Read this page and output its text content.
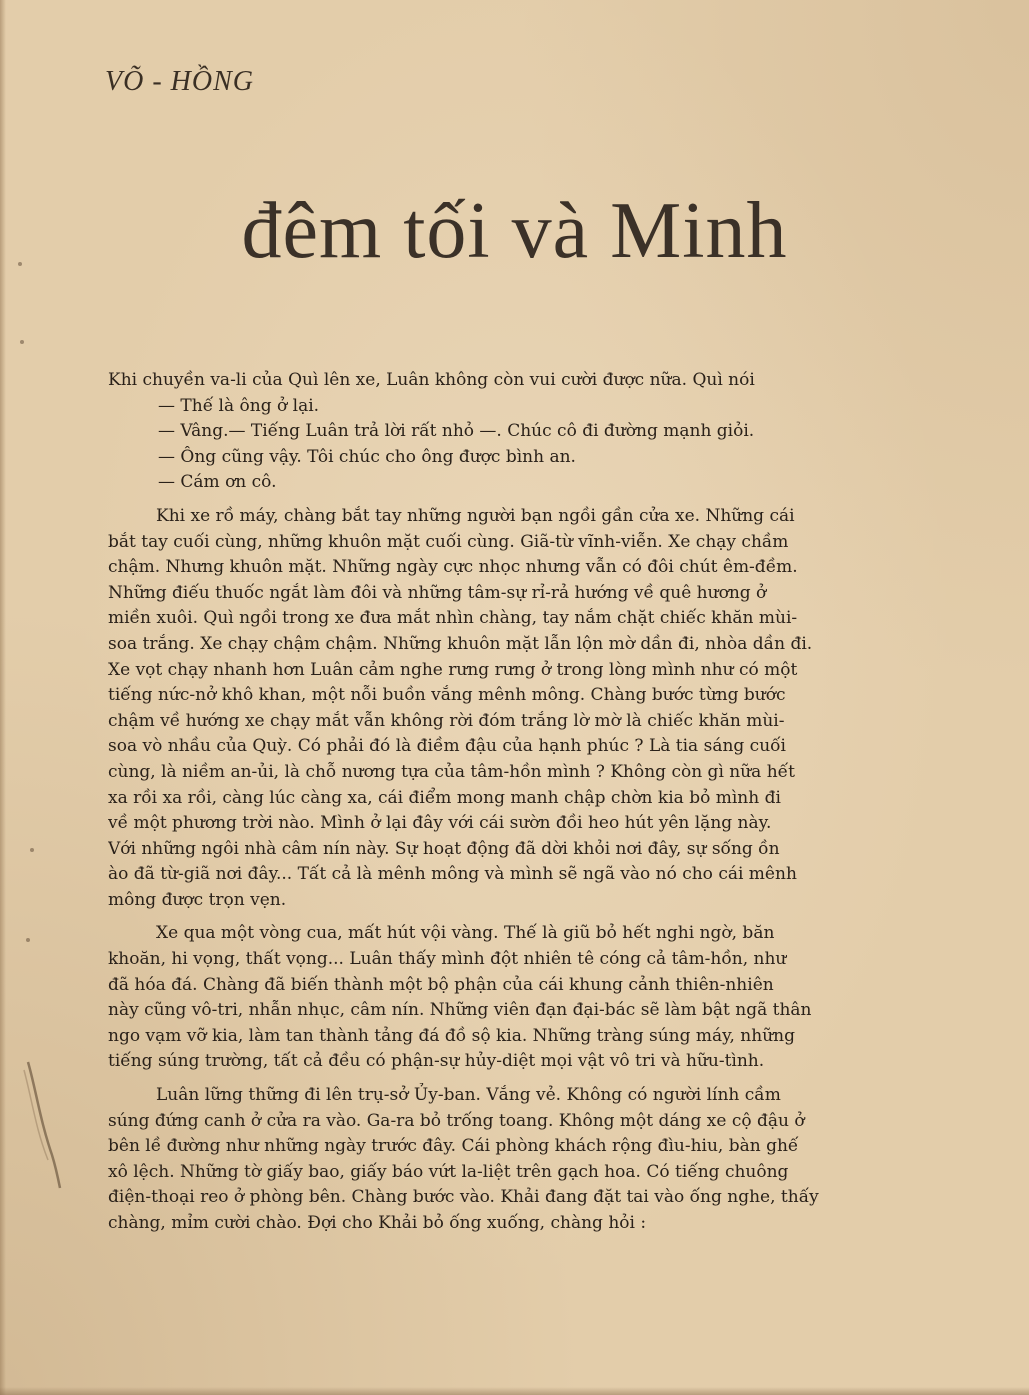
VÕ - HỒNG
đêm tối và Minh
Khi chuyền va-li của Quì lên xe, Luân không còn vui cười được nữa. Quì nói
— Thế là ông ở lại.
— Vâng.— Tiếng Luân trả lời rất nhỏ —. Chúc cô đi đường mạnh giỏi.
— Ông cũng vậy. Tôi chúc cho ông được bình an.
— Cám ơn cô.
Khi xe rồ máy, chàng bắt tay những người bạn ngồi gần cửa xe. Những cái
bắt tay cuối cùng, những khuôn mặt cuối cùng. Giã-từ vĩnh-viễn. Xe chạy chầm
chậm. Nhưng khuôn mặt. Những ngày cực nhọc nhưng vẫn có đôi chút êm-đềm.
Những điếu thuốc ngắt làm đôi và những tâm-sự rỉ-rả hướng về quê hương ở
miền xuôi. Quì ngồi trong xe đưa mắt nhìn chàng, tay nắm chặt chiếc khăn mùi-
soa trắng. Xe chạy chậm chậm. Những khuôn mặt lẫn lộn mờ dần đi, nhòa dần đi.
Xe vọt chạy nhanh hơn Luân cảm nghe rưng rưng ở trong lòng mình như có một
tiếng nức-nở khô khan, một nỗi buồn vắng mênh mông. Chàng bước từng bước
chậm về hướng xe chạy mắt vẫn không rời đóm trắng lờ mờ là chiếc khăn mùi-
soa vò nhầu của Quỳ. Có phải đó là điềm đậu của hạnh phúc ? Là tia sáng cuối
cùng, là niềm an-ủi, là chỗ nương tựa của tâm-hồn mình ? Không còn gì nữa hết
xa rồi xa rồi, càng lúc càng xa, cái điểm mong manh chập chờn kia bỏ mình đi
về một phương trời nào. Mình ở lại đây với cái sườn đồi heo hút yên lặng này.
Với những ngôi nhà câm nín này. Sự hoạt động đã dời khỏi nơi đây, sự sống ồn
ào đã từ-giã nơi đây... Tất cả là mênh mông và mình sẽ ngã vào nó cho cái mênh
mông được trọn vẹn.
Xe qua một vòng cua, mất hút vội vàng. Thế là giũ bỏ hết nghi ngờ, băn
khoăn, hi vọng, thất vọng... Luân thấy mình đột nhiên tê cóng cả tâm-hồn, như
đã hóa đá. Chàng đã biến thành một bộ phận của cái khung cảnh thiên-nhiên
này cũng vô-tri, nhẫn nhục, câm nín. Những viên đạn đại-bác sẽ làm bật ngã thân
ngo vạm vỡ kia, làm tan thành tảng đá đồ sộ kia. Những tràng súng máy, những
tiếng súng trường, tất cả đều có phận-sự hủy-diệt mọi vật vô tri và hữu-tình.
Luân lững thững đi lên trụ-sở Ủy-ban. Vắng vẻ. Không có người lính cầm
súng đứng canh ở cửa ra vào. Ga-ra bỏ trống toang. Không một dáng xe cộ đậu ở
bên lề đường như những ngày trước đây. Cái phòng khách rộng đìu-hiu, bàn ghế
xô lệch. Những tờ giấy bao, giấy báo vứt la-liệt trên gạch hoa. Có tiếng chuông
điện-thoại reo ở phòng bên. Chàng bước vào. Khải đang đặt tai vào ống nghe, thấy
chàng, mỉm cười chào. Đợi cho Khải bỏ ống xuống, chàng hỏi :
